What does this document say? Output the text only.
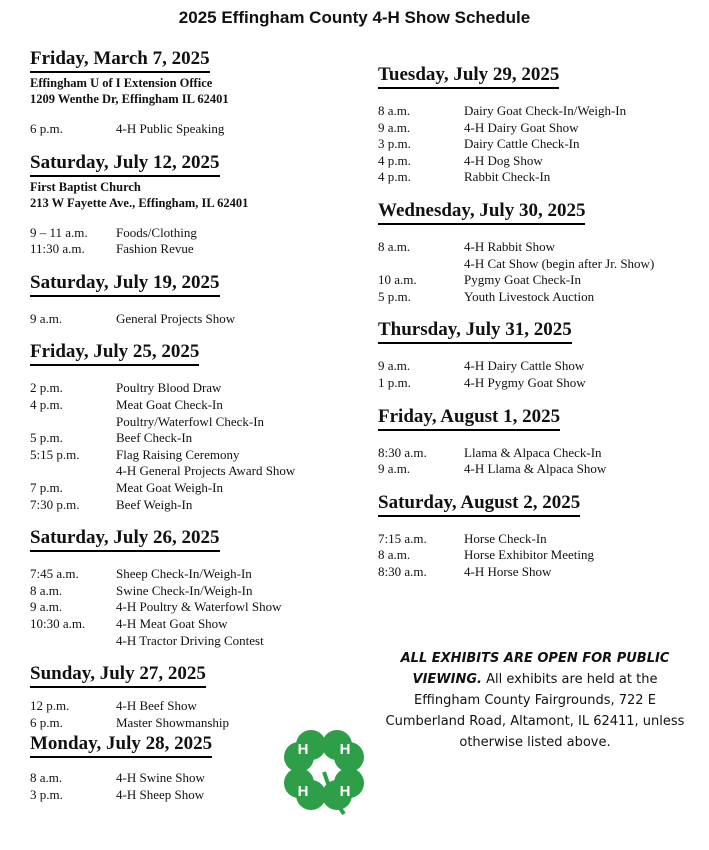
2025 Effingham County 4-H Show Schedule
Friday, March 7, 2025
Effingham U of I Extension Office
1209 Wenthe Dr, Effingham IL 62401
6 p.m.	4-H Public Speaking
Saturday, July 12, 2025
First Baptist Church
213 W Fayette Ave., Effingham, IL 62401
9 – 11 a.m.	Foods/Clothing
11:30 a.m.	Fashion Revue
Saturday, July 19, 2025
9 a.m.	General Projects Show
Friday, July 25, 2025
2 p.m.	Poultry Blood Draw
4 p.m.	Meat Goat Check-In
Poultry/Waterfowl Check-In
5 p.m.	Beef Check-In
5:15 p.m.	Flag Raising Ceremony
4-H General Projects Award Show
7 p.m.	Meat Goat Weigh-In
7:30 p.m.	Beef Weigh-In
Saturday, July 26, 2025
7:45 a.m.	Sheep Check-In/Weigh-In
8 a.m.	Swine Check-In/Weigh-In
9 a.m.	4-H Poultry & Waterfowl Show
10:30 a.m.	4-H Meat Goat Show
4-H Tractor Driving Contest
Sunday, July 27, 2025
12 p.m.	4-H Beef Show
6 p.m.	Master Showmanship
Monday, July 28, 2025
8 a.m.	4-H Swine Show
3 p.m.	4-H Sheep Show
Tuesday, July 29, 2025
8 a.m.	Dairy Goat Check-In/Weigh-In
9 a.m.	4-H Dairy Goat Show
3 p.m.	Dairy Cattle Check-In
4 p.m.	4-H Dog Show
4 p.m.	Rabbit Check-In
Wednesday, July 30, 2025
8 a.m.	4-H Rabbit Show
4-H Cat Show (begin after Jr. Show)
10 a.m.	Pygmy Goat Check-In
5 p.m.	Youth Livestock Auction
Thursday, July 31, 2025
9 a.m.	4-H Dairy Cattle Show
1 p.m.	4-H Pygmy Goat Show
Friday, August 1, 2025
8:30 a.m.	Llama & Alpaca Check-In
9 a.m.	4-H Llama & Alpaca Show
Saturday, August 2, 2025
7:15 a.m.	Horse Check-In
8 a.m.	Horse Exhibitor Meeting
8:30 a.m.	4-H Horse Show
ALL EXHIBITS ARE OPEN FOR PUBLIC VIEWING. All exhibits are held at the Effingham County Fairgrounds, 722 E Cumberland Road, Altamont, IL 62411, unless otherwise listed above.
H H
H H
